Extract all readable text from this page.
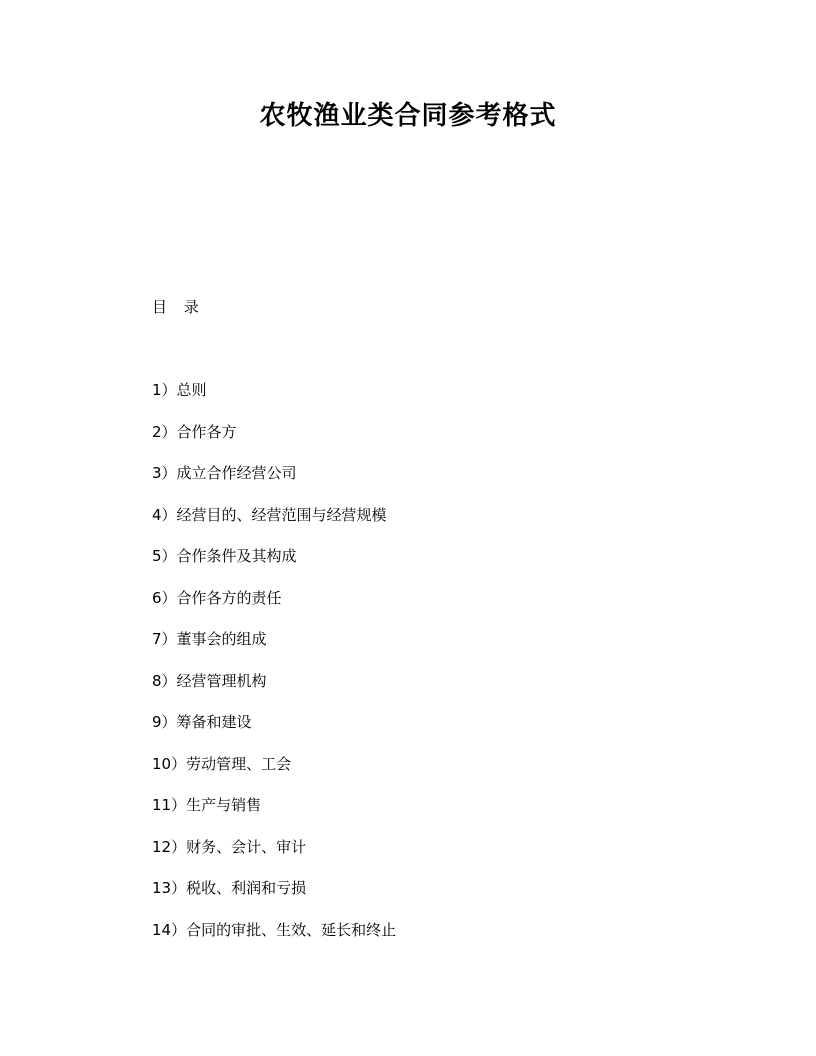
农牧渔业类合同参考格式
目 录
1）总则
2）合作各方
3）成立合作经营公司
4）经营目的、经营范围与经营规模
5）合作条件及其构成
6）合作各方的责任
7）董事会的组成
8）经营管理机构
9）筹备和建设
10）劳动管理、工会
11）生产与销售
12）财务、会计、审计
13）税收、利润和亏损
14）合同的审批、生效、延长和终止
